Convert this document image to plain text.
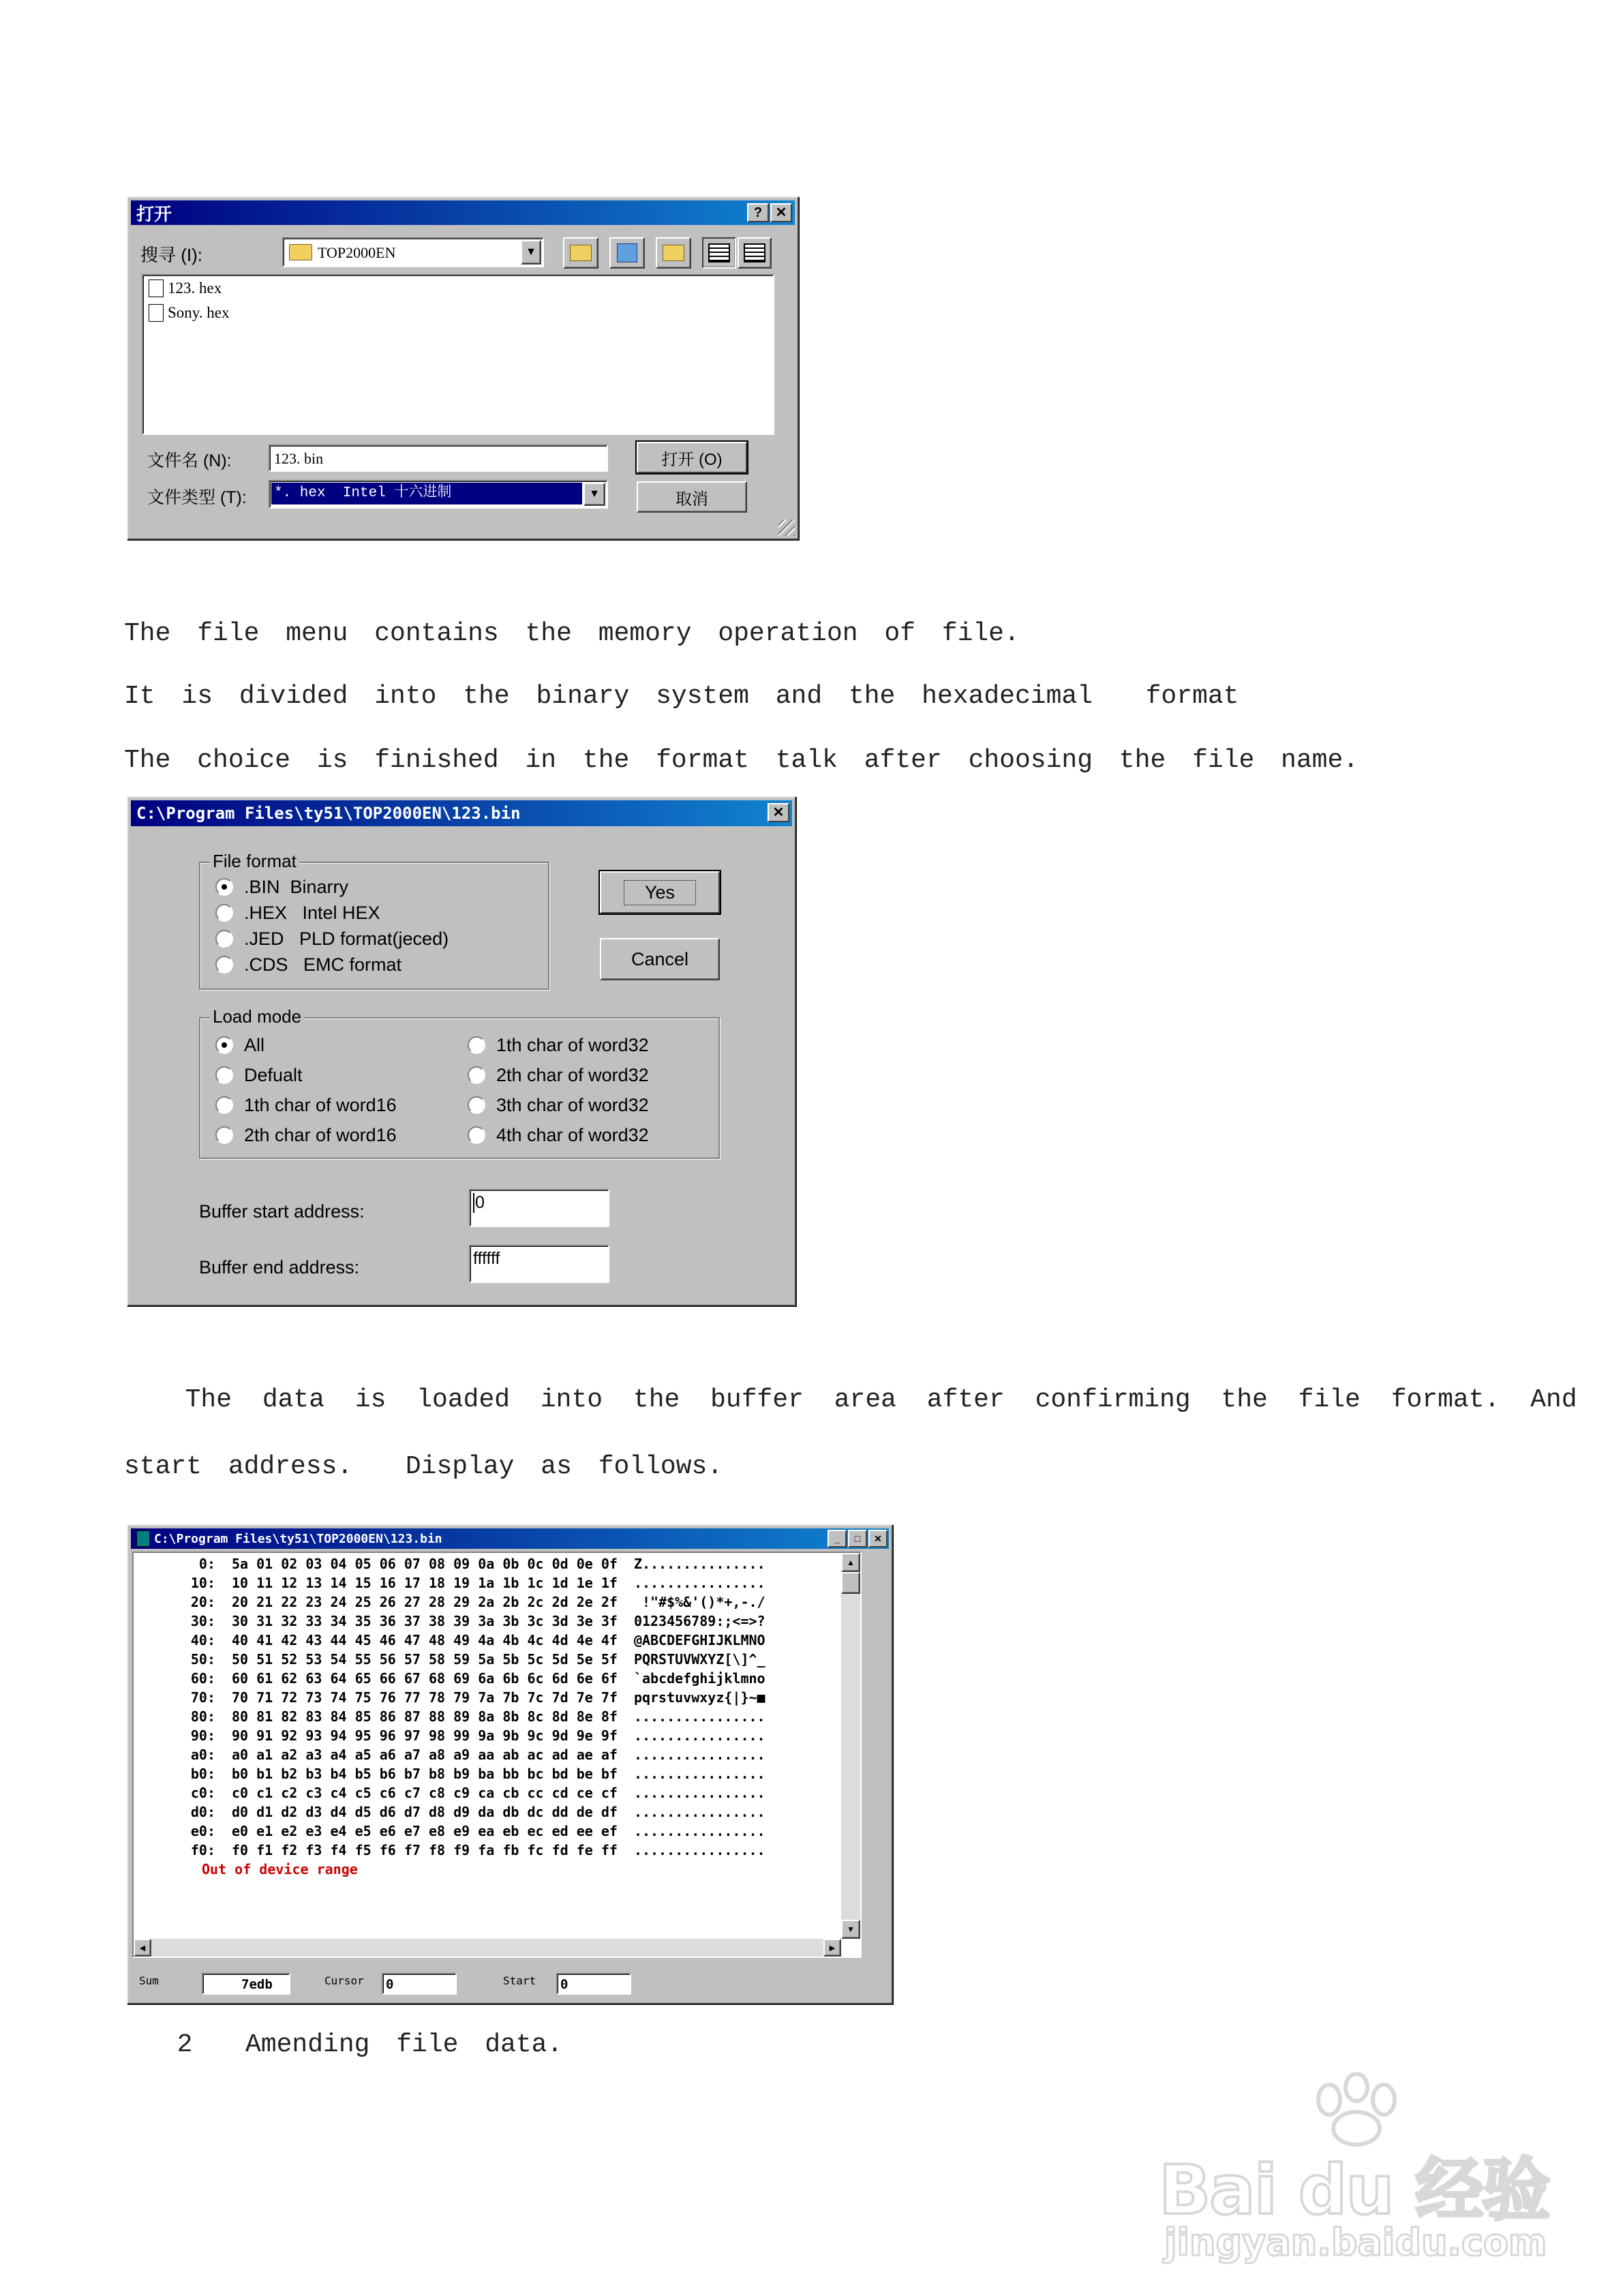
打开	? ✕
搜寻 (I):	TOP2000EN	▼
123. hex
Sony. hex
文件名 (N):	123. bin	打开 (O)
文件类型 (T): *. hex  Intel 十六进制	▼	取消

The file menu contains the memory operation of file.

It is divided into the binary system and the hexadecimal  format

The choice is finished in the format talk after choosing the file name.

C:\Program Files\ty51\TOP2000EN\123.bin	✕
File format
.BIN  Binarry
.HEX   Intel HEX
.JED   PLD format(jeced)
.CDS   EMC format
Yes
Cancel
Load mode
All
Defualt
1th char of word16
2th char of word16
1th char of word32
2th char of word32
3th char of word32
4th char of word32
Buffer start address:	0
Buffer end address:	ffffff

The data is loaded into the buffer area after confirming the file format. And

start address.  Display as follows.

C:\Program Files\ty51\TOP2000EN\123.bin	_ □ ✕
0: 5a 01 02 03 04 05 06 07 08 09 0a 0b 0c 0d 0e 0f Z...............
10: 10 11 12 13 14 15 16 17 18 19 1a 1b 1c 1d 1e 1f ................
20: 20 21 22 23 24 25 26 27 28 29 2a 2b 2c 2d 2e 2f !"#$%&'()*+,-./
30: 30 31 32 33 34 35 36 37 38 39 3a 3b 3c 3d 3e 3f 0123456789:;<=>?
40: 40 41 42 43 44 45 46 47 48 49 4a 4b 4c 4d 4e 4f @ABCDEFGHIJKLMNO
50: 50 51 52 53 54 55 56 57 58 59 5a 5b 5c 5d 5e 5f PQRSTUVWXYZ[\]^_
60: 60 61 62 63 64 65 66 67 68 69 6a 6b 6c 6d 6e 6f `abcdefghijklmno
70: 70 71 72 73 74 75 76 77 78 79 7a 7b 7c 7d 7e 7f pqrstuvwxyz{|}~■
80: 80 81 82 83 84 85 86 87 88 89 8a 8b 8c 8d 8e 8f ................
90: 90 91 92 93 94 95 96 97 98 99 9a 9b 9c 9d 9e 9f ................
a0: a0 a1 a2 a3 a4 a5 a6 a7 a8 a9 aa ab ac ad ae af ................
b0: b0 b1 b2 b3 b4 b5 b6 b7 b8 b9 ba bb bc bd be bf ................
c0: c0 c1 c2 c3 c4 c5 c6 c7 c8 c9 ca cb cc cd ce cf ................
d0: d0 d1 d2 d3 d4 d5 d6 d7 d8 d9 da db dc dd de df ................
e0: e0 e1 e2 e3 e4 e5 e6 e7 e8 e9 ea eb ec ed ee ef ................
f0: f0 f1 f2 f3 f4 f5 f6 f7 f8 f9 fa fb fc fd fe ff ................
Out of device range
▲
▼
◀	▶
Sum	7edb	Cursor 0	Start 0

2  Amending file data.

Bai du 经验
jingyan.baidu.com
